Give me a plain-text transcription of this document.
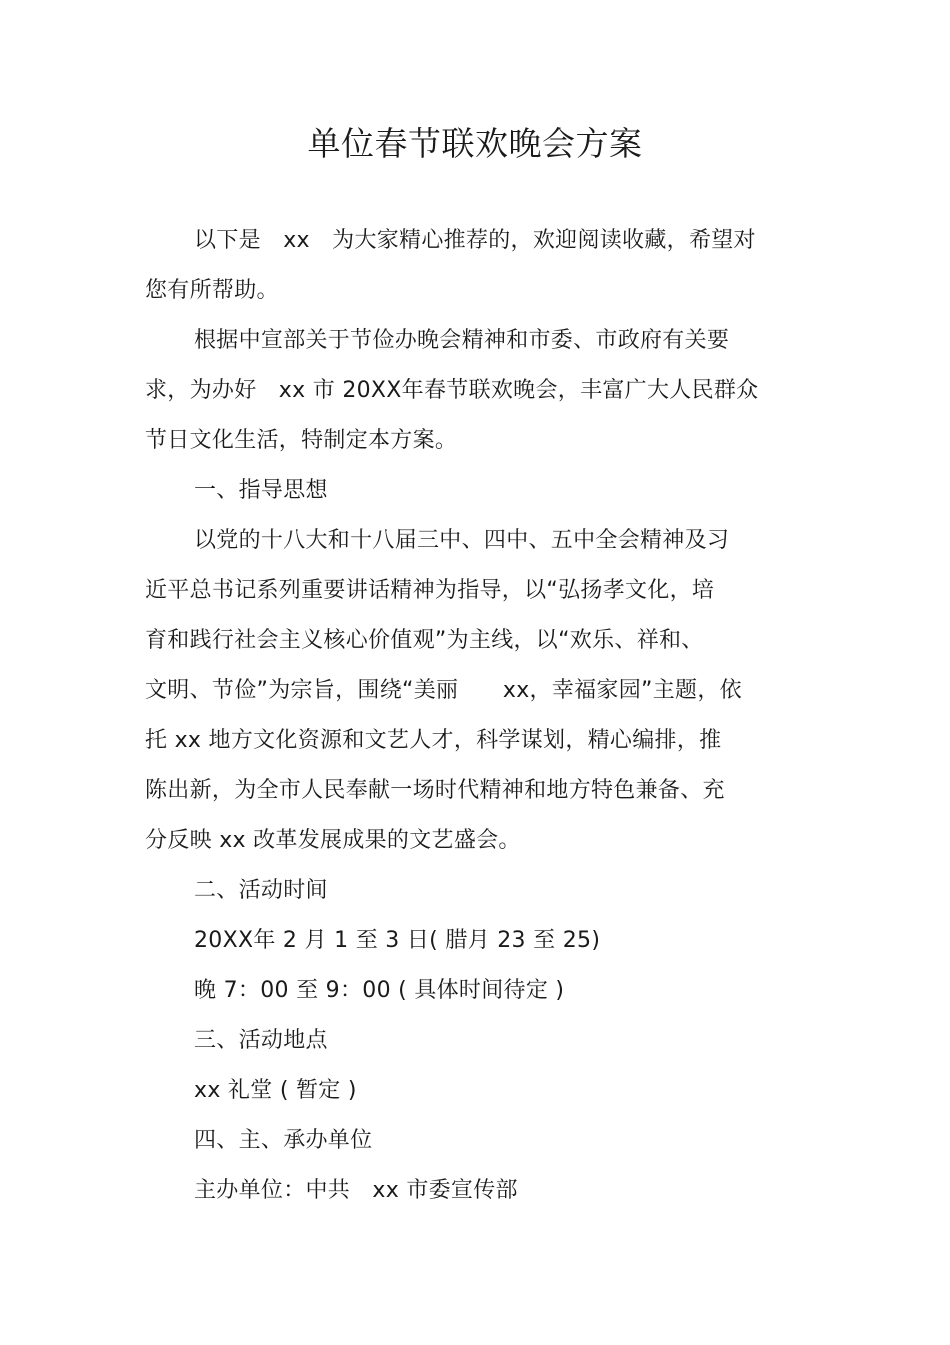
单位春节联欢晚会方案

以下是　xx　为大家精心推荐的，欢迎阅读收藏，希望对

您有所帮助。

根据中宣部关于节俭办晚会精神和市委、市政府有关要

求，为办好　xx 市 20XX年春节联欢晚会，丰富广大人民群众

节日文化生活，特制定本方案。

一、指导思想

以党的十八大和十八届三中、四中、五中全会精神及习

近平总书记系列重要讲话精神为指导，以“弘扬孝文化，培

育和践行社会主义核心价值观”为主线，以“欢乐、祥和、

文明、节俭”为宗旨，围绕“美丽　　xx，幸福家园”主题，依

托 xx 地方文化资源和文艺人才，科学谋划，精心编排，推

陈出新，为全市人民奉献一场时代精神和地方特色兼备、充

分反映 xx 改革发展成果的文艺盛会。

二、活动时间

20XX年 2 月 1 至 3 日( 腊月 23 至 25)

晚 7：00 至 9：00 ( 具体时间待定 )

三、活动地点

xx 礼堂 ( 暂定 )

四、主、承办单位

主办单位：中共　xx 市委宣传部
